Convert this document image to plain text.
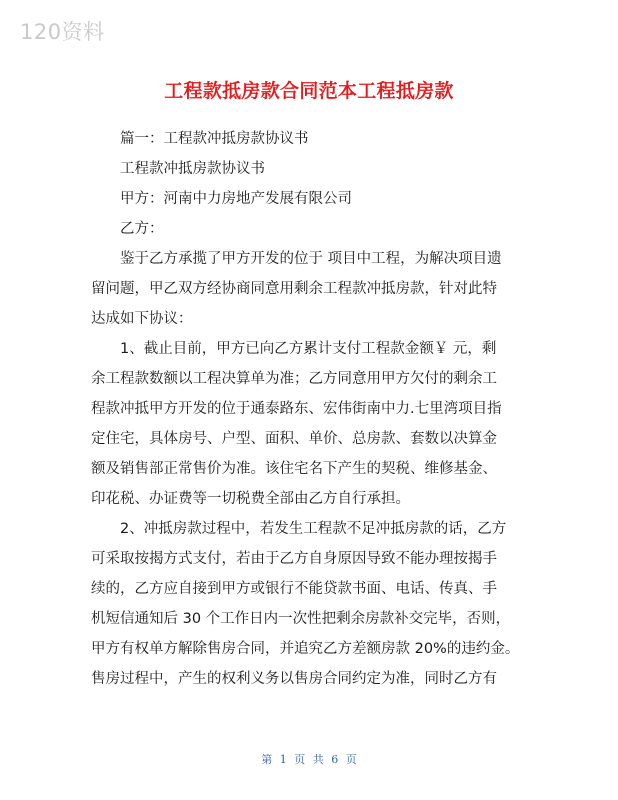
120资料
工程款抵房款合同范本工程抵房款
篇一：工程款冲抵房款协议书
工程款冲抵房款协议书
甲方：河南中力房地产发展有限公司
乙方：
鉴于乙方承揽了甲方开发的位于 项目中工程，为解决项目遗
留问题，甲乙双方经协商同意用剩余工程款冲抵房款，针对此特
达成如下协议：
1、截止目前，甲方已向乙方累计支付工程款金额￥ 元，剩
余工程款数额以工程决算单为准；乙方同意用甲方欠付的剩余工
程款冲抵甲方开发的位于通泰路东、宏伟街南中力.七里湾项目指
定住宅，具体房号、户型、面积、单价、总房款、套数以决算金
额及销售部正常售价为准。该住宅名下产生的契税、维修基金、
印花税、办证费等一切税费全部由乙方自行承担。
2、冲抵房款过程中，若发生工程款不足冲抵房款的话，乙方
可采取按揭方式支付，若由于乙方自身原因导致不能办理按揭手
续的，乙方应自接到甲方或银行不能贷款书面、电话、传真、手
机短信通知后 30 个工作日内一次性把剩余房款补交完毕，否则，
甲方有权单方解除售房合同，并追究乙方差额房款 20%的违约金。
售房过程中，产生的权利义务以售房合同约定为准，同时乙方有
第 1 页 共 6 页
